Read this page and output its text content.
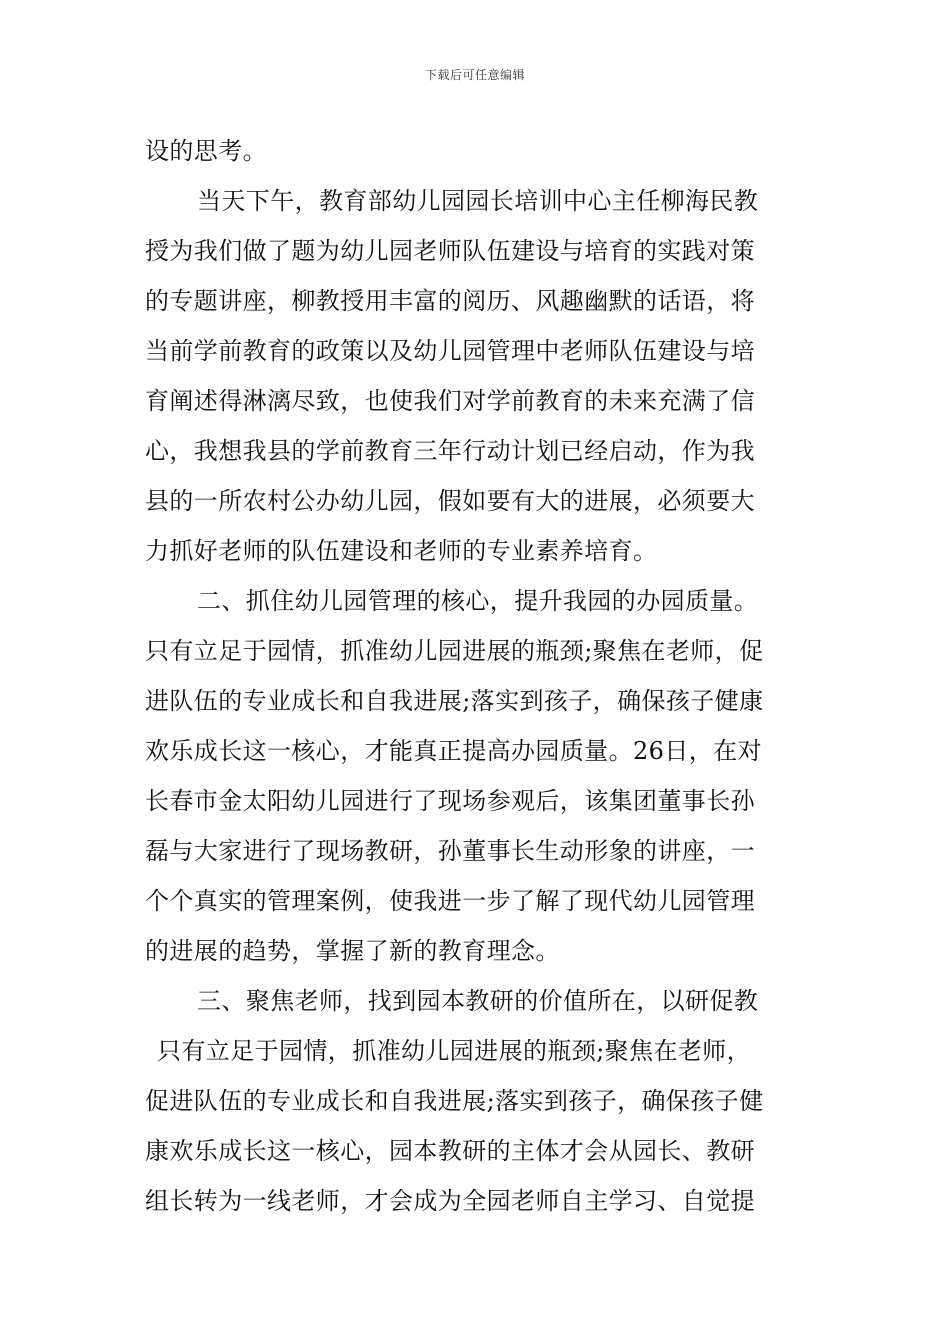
下载后可任意编辑
设的思考。
当天下午，教育部幼儿园园长培训中心主任柳海民教
授为我们做了题为幼儿园老师队伍建设与培育的实践对策
的专题讲座，柳教授用丰富的阅历、风趣幽默的话语，将
当前学前教育的政策以及幼儿园管理中老师队伍建设与培
育阐述得淋漓尽致，也使我们对学前教育的未来充满了信
心，我想我县的学前教育三年行动计划已经启动，作为我
县的一所农村公办幼儿园，假如要有大的进展，必须要大
力抓好老师的队伍建设和老师的专业素养培育。
二、抓住幼儿园管理的核心，提升我园的办园质量。
只有立足于园情，抓准幼儿园进展的瓶颈;聚焦在老师，促
进队伍的专业成长和自我进展;落实到孩子，确保孩子健康
欢乐成长这一核心，才能真正提高办园质量。26日，在对
长春市金太阳幼儿园进行了现场参观后，该集团董事长孙
磊与大家进行了现场教研，孙董事长生动形象的讲座，一
个个真实的管理案例，使我进一步了解了现代幼儿园管理
的进展的趋势，掌握了新的教育理念。
三、聚焦老师，找到园本教研的价值所在，以研促教
只有立足于园情，抓准幼儿园进展的瓶颈;聚焦在老师，
促进队伍的专业成长和自我进展;落实到孩子，确保孩子健
康欢乐成长这一核心，园本教研的主体才会从园长、教研
组长转为一线老师，才会成为全园老师自主学习、自觉提
